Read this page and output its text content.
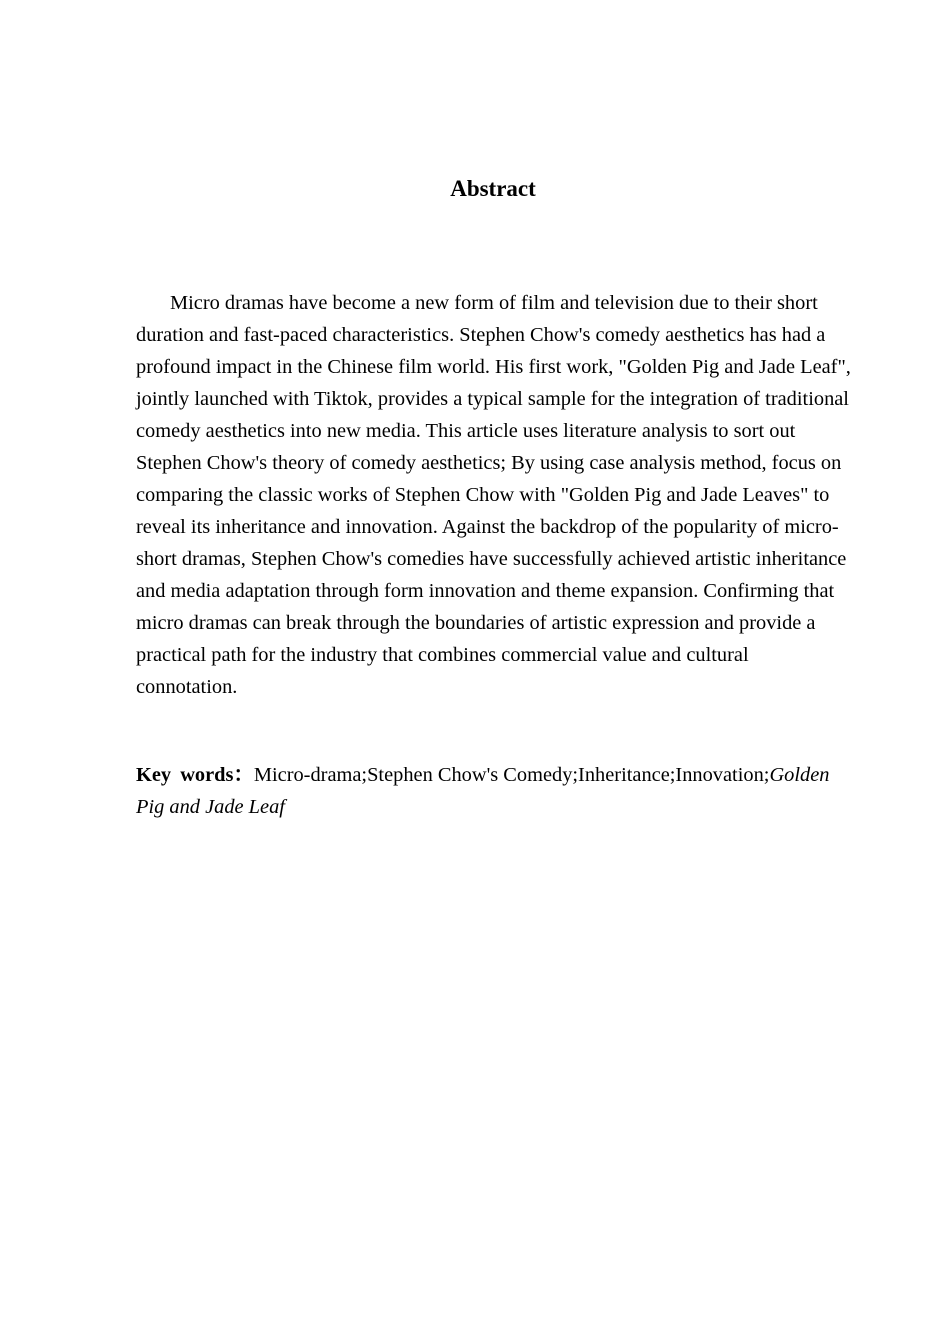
Abstract

Micro dramas have become a new form of film and television due to their short duration and fast-paced characteristics. Stephen Chow's comedy aesthetics has had a profound impact in the Chinese film world. His first work, "Golden Pig and Jade Leaf", jointly launched with Tiktok, provides a typical sample for the integration of traditional comedy aesthetics into new media. This article uses literature analysis to sort out Stephen Chow's theory of comedy aesthetics; By using case analysis method, focus on comparing the classic works of Stephen Chow with "Golden Pig and Jade Leaves" to reveal its inheritance and innovation. Against the backdrop of the popularity of micro-short dramas, Stephen Chow's comedies have successfully achieved artistic inheritance and media adaptation through form innovation and theme expansion. Confirming that micro dramas can break through the boundaries of artistic expression and provide a practical path for the industry that combines commercial value and cultural connotation.

Key words：Micro-drama;Stephen Chow's Comedy;Inheritance;Innovation;Golden Pig and Jade Leaf
